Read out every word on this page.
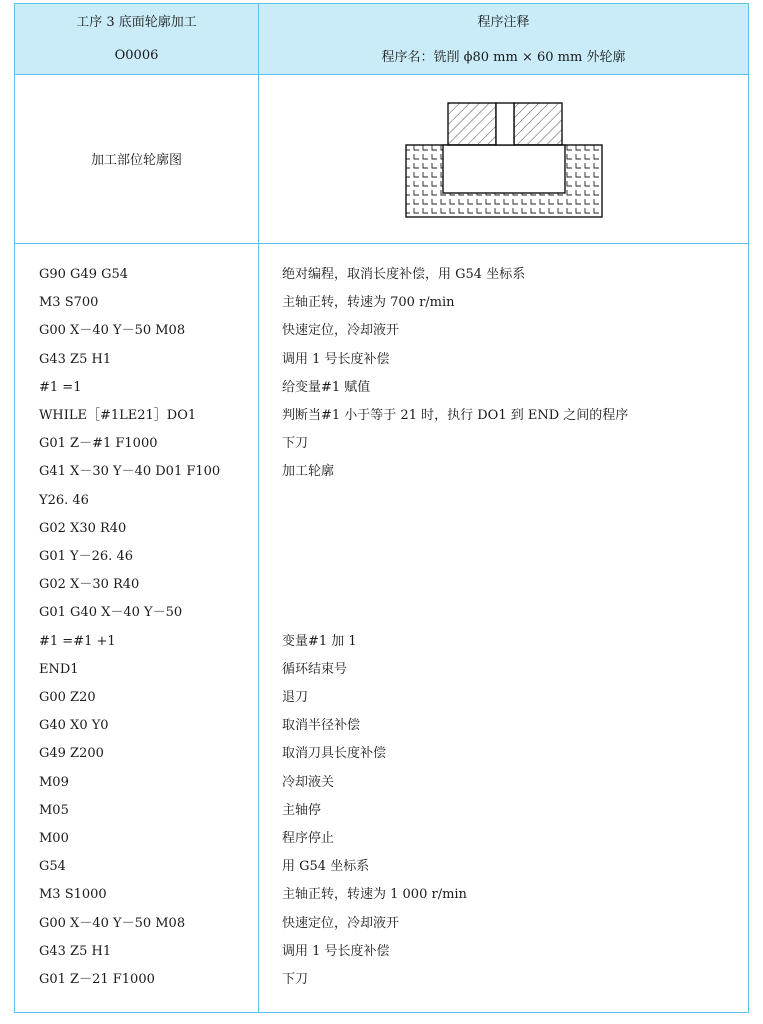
工序 3 底面轮廓加工	程序注释
O0006	程序名：铣削 ϕ80 mm × 60 mm 外轮廓
加工部位轮廓图
G90 G49 G54	绝对编程，取消长度补偿，用 G54 坐标系
M3 S700	主轴正转，转速为 700 r/min
G00 X－40 Y－50 M08	快速定位，冷却液开
G43 Z5 H1	调用 1 号长度补偿
#1 =1	给变量#1 赋值
WHILE［#1LE21］DO1	判断当#1 小于等于 21 时，执行 DO1 到 END 之间的程序
G01 Z－#1 F1000	下刀
G41 X－30 Y－40 D01 F100	加工轮廓
Y26. 46
G02 X30 R40
G01 Y－26. 46
G02 X－30 R40
G01 G40 X－40 Y－50
#1 =#1 +1	变量#1 加 1
END1	循环结束号
G00 Z20	退刀
G40 X0 Y0	取消半径补偿
G49 Z200	取消刀具长度补偿
M09	冷却液关
M05	主轴停
M00	程序停止
G54	用 G54 坐标系
M3 S1000	主轴正转，转速为 1 000 r/min
G00 X－40 Y－50 M08	快速定位，冷却液开
G43 Z5 H1	调用 1 号长度补偿
G01 Z－21 F1000	下刀
